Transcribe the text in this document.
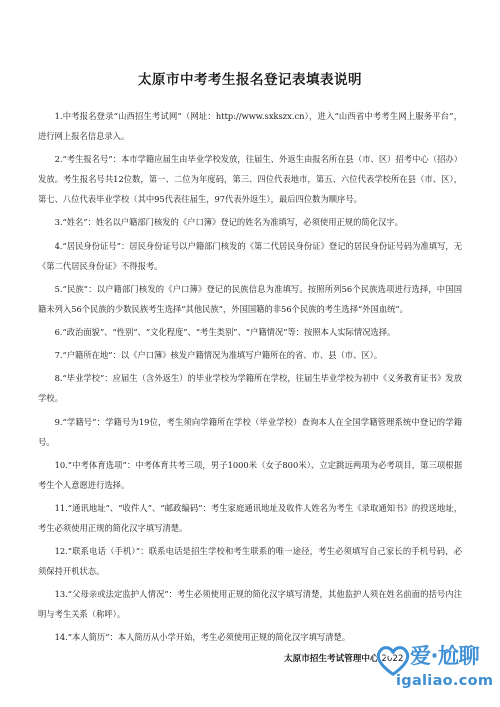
太原市中考考生报名登记表填表说明

1.中考报名登录“山西招生考试网”（网址：http://www.sxkszx.cn），进入“山西省中考考生网上服务平台”，进行网上报名信息录入。

2.“考生报名号”：本市学籍应届生由毕业学校发放，往届生、外返生由报名所在县（市、区）招考中心（招办）发放。考生报名号共12位数，第一、二位为年度码，第三、四位代表地市，第五、六位代表学校所在县（市、区），第七、八位代表毕业学校（其中95代表往届生，97代表外返生），最后四位数为顺序号。

3.“姓名”：姓名以户籍部门核发的《户口簿》登记的姓名为准填写，必须使用正规的简化汉字。

4.“居民身份证号”：居民身份证号以户籍部门核发的《第二代居民身份证》登记的居民身份证号码为准填写，无《第二代居民身份证》不得报考。

5.“民族”：以户籍部门核发的《户口簿》登记的民族信息为准填写。按照所列56个民族选项进行选择，中国国籍未列入56个民族的少数民族考生选择“其他民族”，外国国籍的非56个民族的考生选择“外国血统”。

6.“政治面貌”、“性别”、“文化程度”、“考生类别”、“户籍情况”等：按照本人实际情况选择。

7.“户籍所在地”：以《户口簿》核发户籍情况为准填写户籍所在的省、市、县（市、区）。

8.“毕业学校”：应届生（含外返生）的毕业学校为学籍所在学校，往届生毕业学校为初中《义务教育证书》发放学校。

9.“学籍号”：学籍号为19位，考生须向学籍所在学校（毕业学校）查询本人在全国学籍管理系统中登记的学籍号。

10.“中考体育选项”：中考体育共考三项，男子1000米（女子800米）、立定跳远两项为必考项目，第三项根据考生个人意愿进行选择。

11.“通讯地址”、“收件人”、“邮政编码”：考生家庭通讯地址及收件人姓名为考生《录取通知书》的投送地址，考生必须使用正规的简化汉字填写清楚。

12.“联系电话（手机）”：联系电话是招生学校和考生联系的唯一途径，考生必须填写自己家长的手机号码，必须保持开机状态。

13.“父母亲或法定监护人情况”：考生必须使用正规的简化汉字填写清楚，其他监护人须在姓名前面的括号内注明与考生关系（称呼）。

14.“本人简历”：本人简历从小学开始，考生必须使用正规的简化汉字填写清楚。

太原市招生考试管理中心 2022 爱·尬聊
igaliao.com
